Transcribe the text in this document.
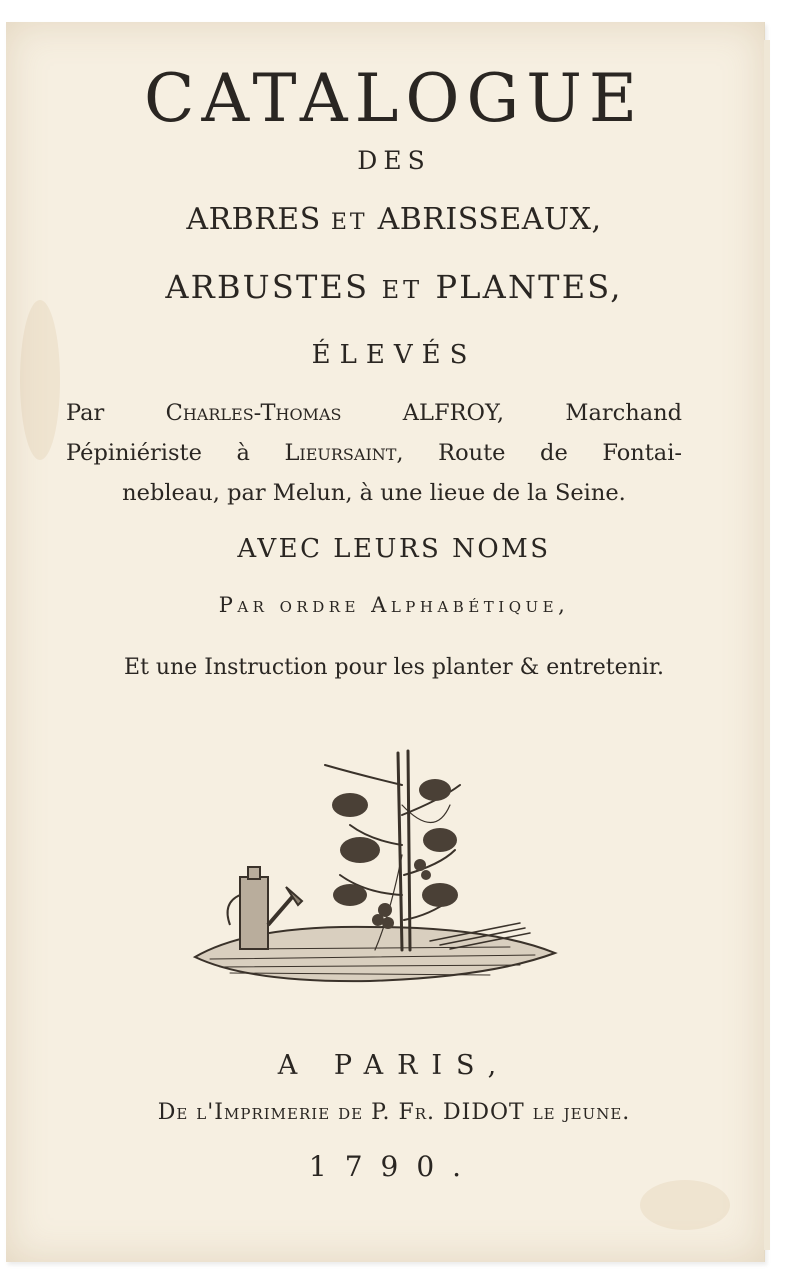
CATALOGUE
DES
ARBRES ET ABRISSEAUX,
ARBUSTES ET PLANTES,
ÉLEVÉS
Par	Charles-Thomas	ALFROY,	Marchand
Pépiniériste à Lieursaint, Route de Fontai-
nebleau, par Melun, à une lieue de la Seine.
AVEC LEURS NOMS
Par ordre Alphabétique,
Et une Instruction pour les planter & entretenir.
A PARIS,
De l'Imprimerie de P. Fr. DIDOT le jeune.
1790.
